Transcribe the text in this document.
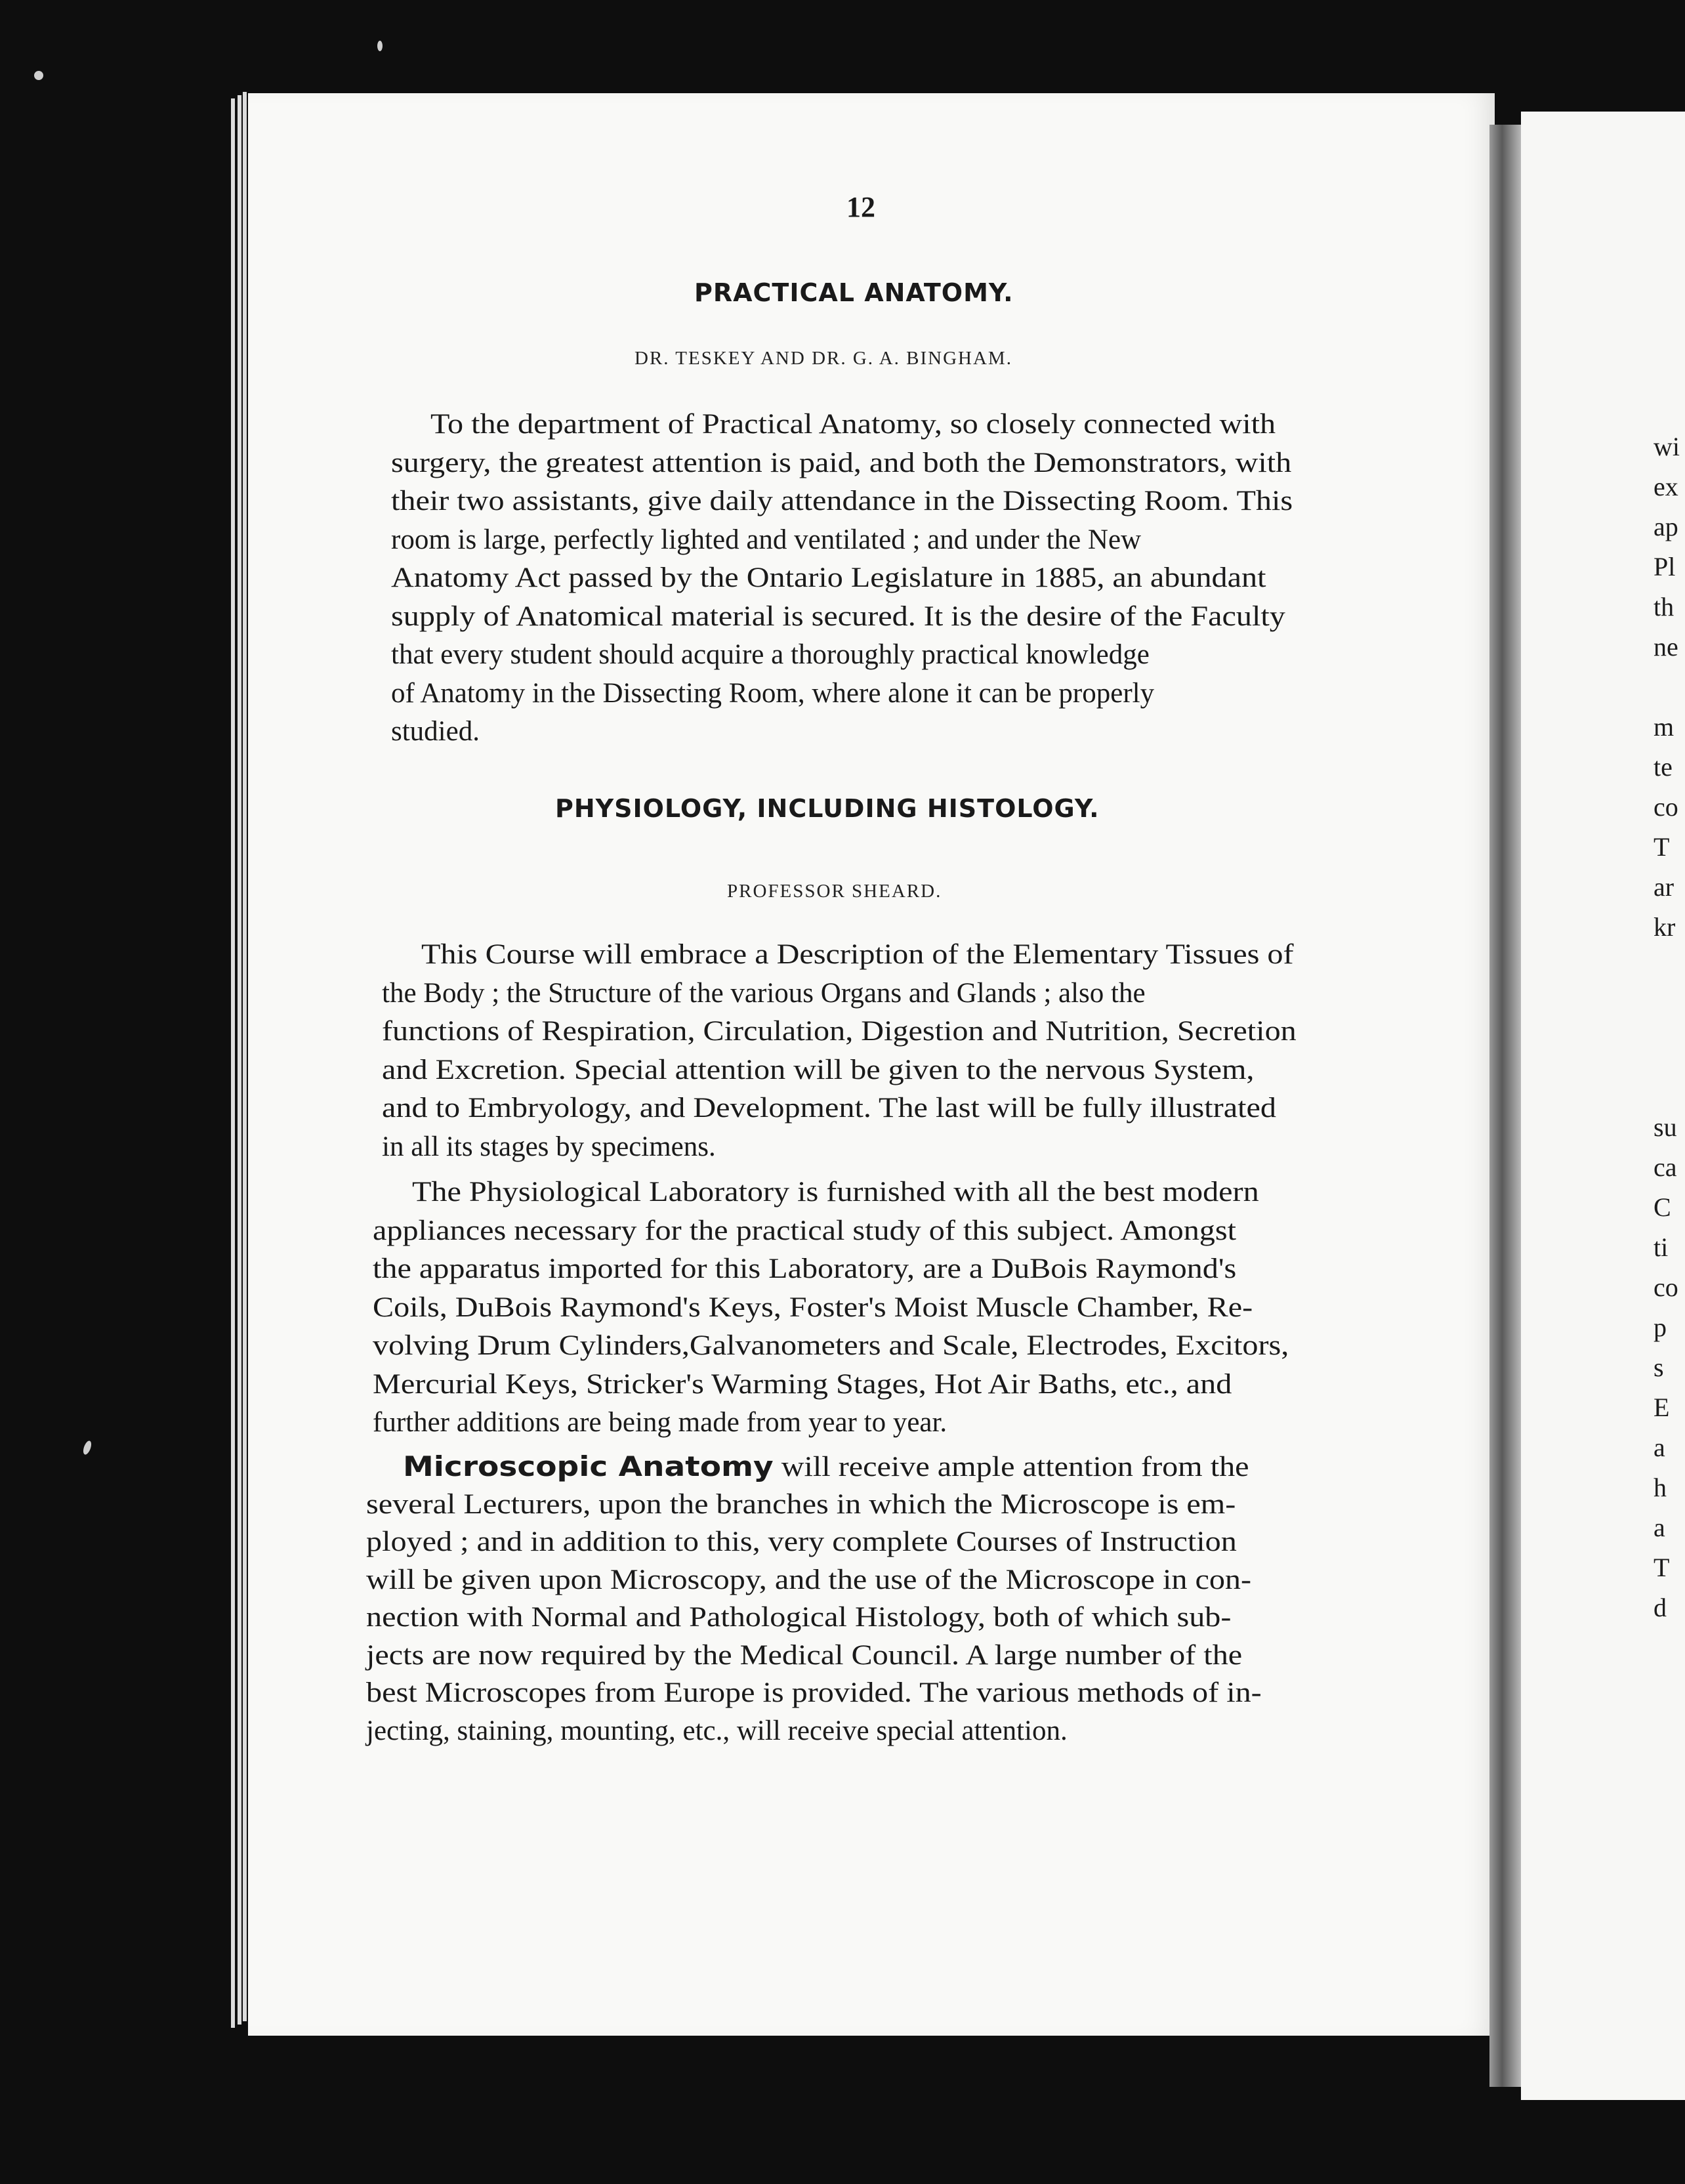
wi
ex
ap
Pl
th
ne
m
te
co
T
ar
kr
su
ca
C
ti
co
p
s
E
a
h
a
T
d
12
PRACTICAL ANATOMY.
DR. TESKEY AND DR. G. A. BINGHAM.
To the department of Practical Anatomy, so closely connected with
surgery, the greatest attention is paid, and both the Demonstrators, with
their two assistants, give daily attendance in the Dissecting Room. This
room is large, perfectly lighted and ventilated ; and under the New
Anatomy Act passed by the Ontario Legislature in 1885, an abundant
supply of Anatomical material is secured. It is the desire of the Faculty
that every student should acquire a thoroughly practical knowledge
of Anatomy in the Dissecting Room, where alone it can be properly
studied.
PHYSIOLOGY, INCLUDING HISTOLOGY.
PROFESSOR SHEARD.
This Course will embrace a Description of the Elementary Tissues of
the Body ; the Structure of the various Organs and Glands ; also the
functions of Respiration, Circulation, Digestion and Nutrition, Secretion
and Excretion. Special attention will be given to the nervous System,
and to Embryology, and Development. The last will be fully illustrated
in all its stages by specimens.
The Physiological Laboratory is furnished with all the best modern
appliances necessary for the practical study of this subject. Amongst
the apparatus imported for this Laboratory, are a DuBois Raymond's
Coils, DuBois Raymond's Keys, Foster's Moist Muscle Chamber, Re-
volving Drum Cylinders,Galvanometers and Scale, Electrodes, Excitors,
Mercurial Keys, Stricker's Warming Stages, Hot Air Baths, etc., and
further additions are being made from year to year.
Microscopic Anatomy will receive ample attention from the
several Lecturers, upon the branches in which the Microscope is em-
ployed ; and in addition to this, very complete Courses of Instruction
will be given upon Microscopy, and the use of the Microscope in con-
nection with Normal and Pathological Histology, both of which sub-
jects are now required by the Medical Council. A large number of the
best Microscopes from Europe is provided. The various methods of in-
jecting, staining, mounting, etc., will receive special attention.
